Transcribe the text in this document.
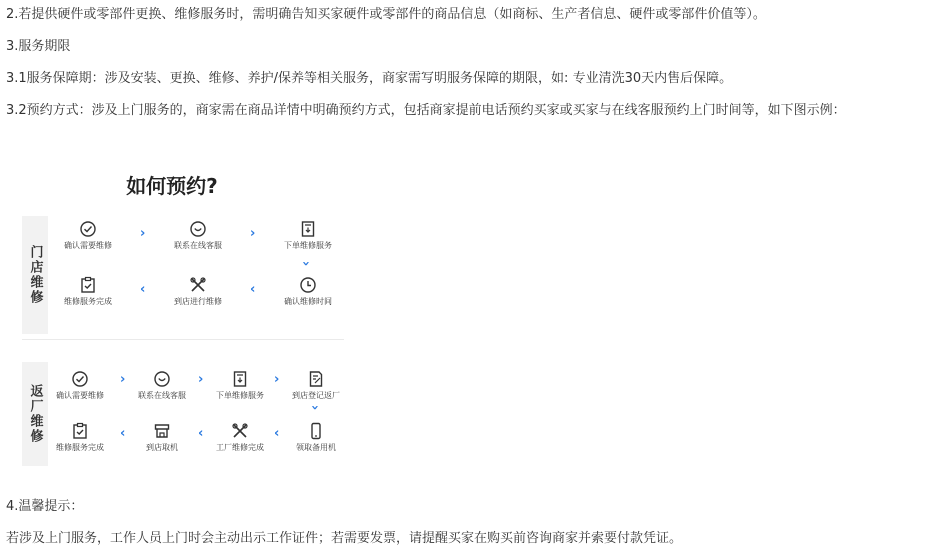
2.若提供硬件或零部件更换、维修服务时，需明确告知买家硬件或零部件的商品信息（如商标、生产者信息、硬件或零部件价值等）。
3.服务期限
3.1服务保障期：涉及安装、更换、维修、养护/保养等相关服务，商家需写明服务保障的期限，如: 专业清洗30天内售后保障。
3.2预约方式：涉及上门服务的，商家需在商品详情中明确预约方式，包括商家提前电话预约买家或买家与在线客服预约上门时间等，如下图示例：
如何预约?
门店维修	确认需要维修
›
联系在线客服
›
下单维修服务
›
维修服务完成
‹
到店进行维修
‹
确认维修时间
返厂维修	确认需要维修
›
联系在线客服
›
下单维修服务
›
到店登记返厂
›
维修服务完成
‹
到店取机
‹
工厂维修完成
‹
领取备用机
4.温馨提示：
若涉及上门服务，工作人员上门时会主动出示工作证件；若需要发票，请提醒买家在购买前咨询商家并索要付款凭证。
